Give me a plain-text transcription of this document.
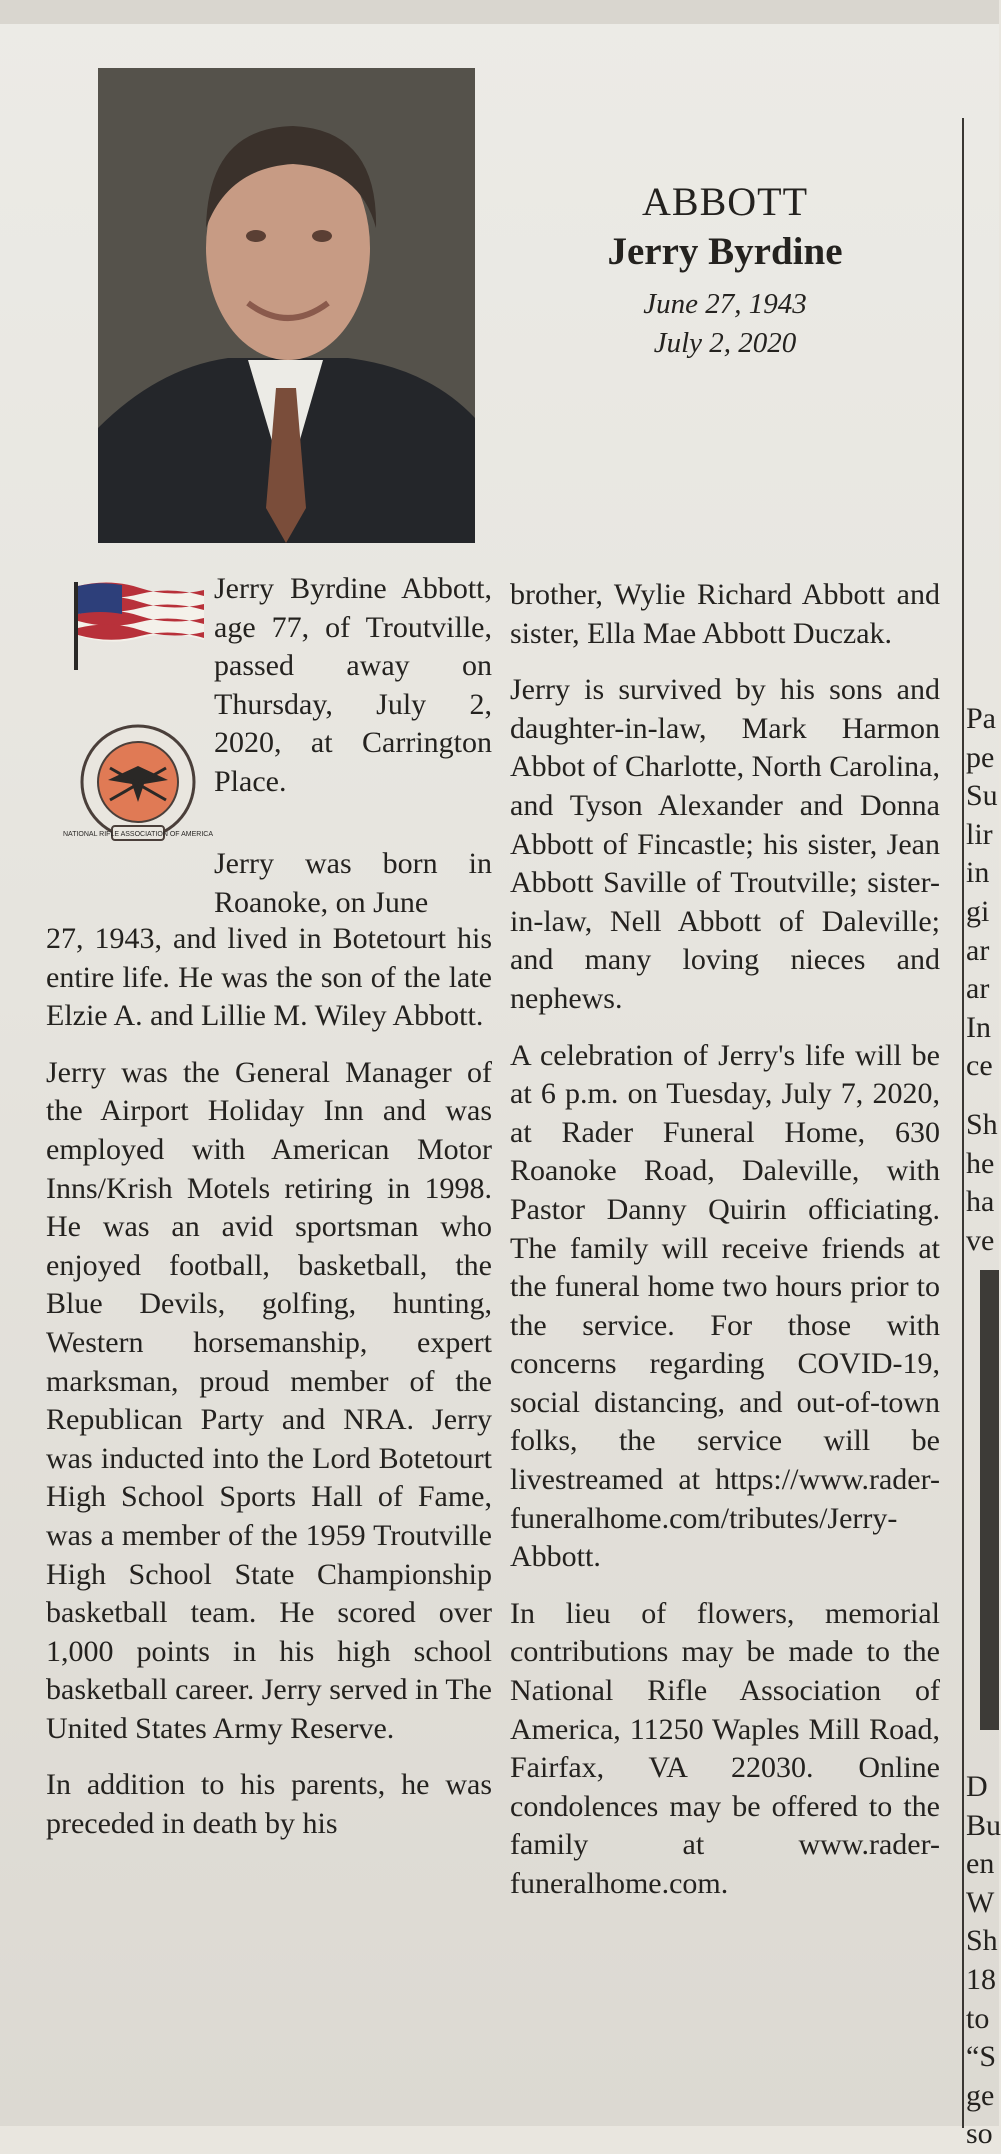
ABBOTT
Jerry Byrdine
June 27, 1943
July 2, 2020
NATIONAL RIFLE ASSOCIATION OF AMERICA

Jerry Byrdine Abbott, age 77, of Troutville, passed away on Thursday, July 2, 2020, at Carrington Place.

Jerry was born in Roanoke, on June

27, 1943, and lived in Botetourt his entire life. He was the son of the late Elzie A. and Lillie M. Wiley Abbott.

Jerry was the General Manager of the Airport Holiday Inn and was employed with American Motor Inns/Krish Motels retiring in 1998. He was an avid sportsman who enjoyed football, basketball, the Blue Devils, golfing, hunting, Western horsemanship, expert marksman, proud member of the Republican Party and NRA. Jerry was inducted into the Lord Botetourt High School Sports Hall of Fame, was a member of the 1959 Troutville High School State Championship basketball team. He scored over 1,000 points in his high school basketball career. Jerry served in The United States Army Reserve.

In addition to his parents, he was preceded in death by his

brother, Wylie Richard Abbott and sister, Ella Mae Abbott Duczak.

Jerry is survived by his sons and daughter-in-law, Mark Harmon Abbot of Charlotte, North Carolina, and Tyson Alexander and Donna Abbott of Fincastle; his sister, Jean Abbott Saville of Troutville; sister-in-law, Nell Abbott of Daleville; and many loving nieces and nephews.

A celebration of Jerry's life will be at 6 p.m. on Tuesday, July 7, 2020, at Rader Funeral Home, 630 Roanoke Road, Daleville, with Pastor Danny Quirin officiating. The family will receive friends at the funeral home two hours prior to the service. For those with concerns regarding COVID-19, social distancing, and out-of-town folks, the service will be livestreamed at https://www.rader-funeralhome.com/tributes/Jerry-Abbott.

In lieu of flowers, memorial contributions may be made to the National Rifle Association of America, 11250 Waples Mill Road, Fairfax, VA 22030. Online condolences may be offered to the family at www.rader-funeralhome.com.

Pa
pe
Su
lir
in
gi
ar
ar
In
ce
Sh
he
ha
ve
D
Bu
en
W
Sh
18
to
“S
ge
so
